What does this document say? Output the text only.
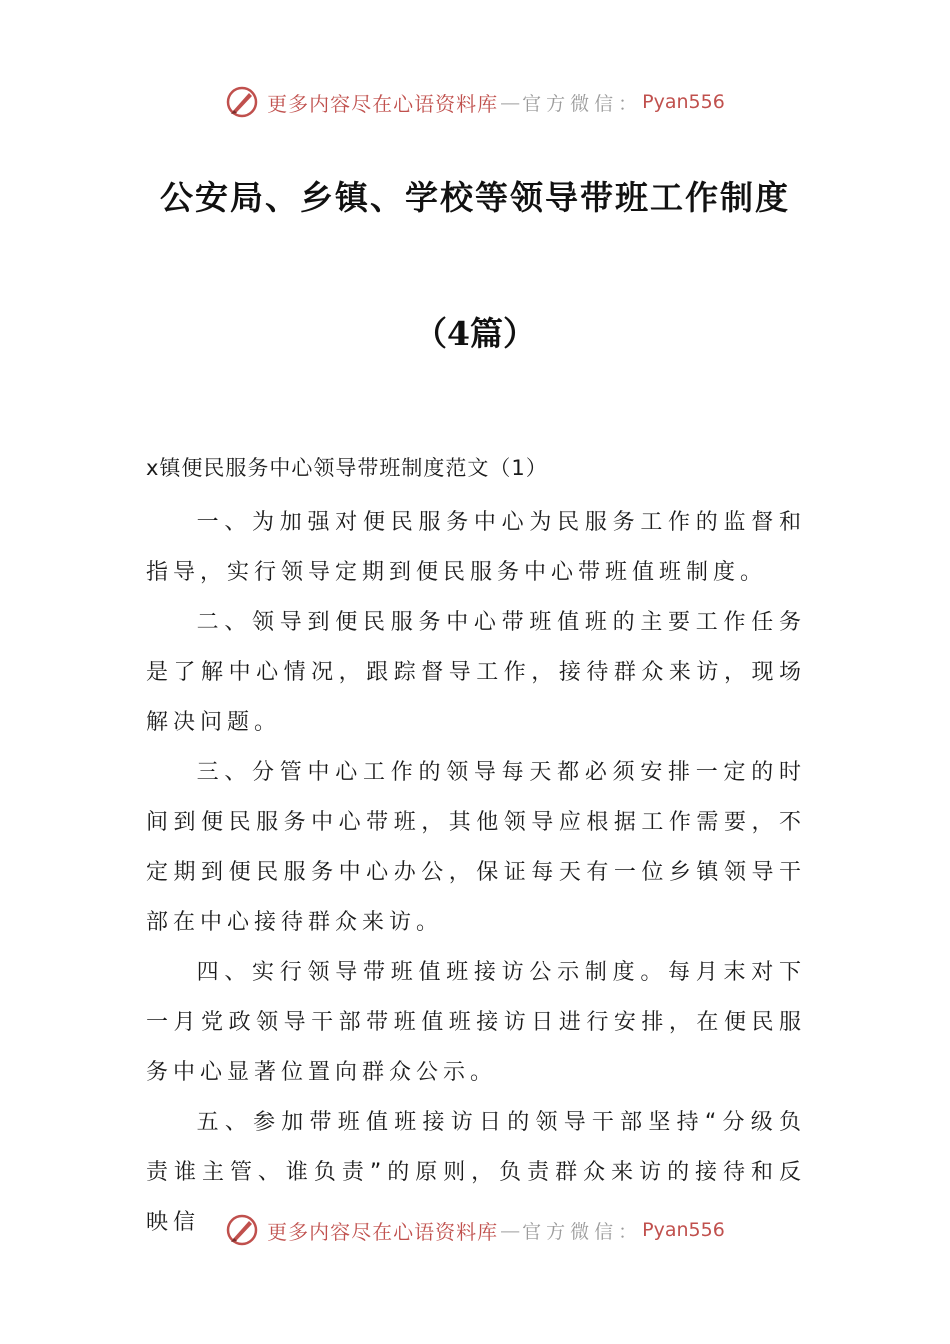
更多内容尽在心语资料库 — 官方微信： Pyan556
公安局、乡镇、学校等领导带班工作制度
（4篇）

x镇便民服务中心领导带班制度范文（1）

一、为加强对便民服务中心为民服务工作的监督和指导，实行领导定期到便民服务中心带班值班制度。

二、领导到便民服务中心带班值班的主要工作任务是了解中心情况，跟踪督导工作，接待群众来访，现场解决问题。

三、分管中心工作的领导每天都必须安排一定的时间到便民服务中心带班，其他领导应根据工作需要，不定期到便民服务中心办公，保证每天有一位乡镇领导干部在中心接待群众来访。

四、实行领导带班值班接访公示制度。每月末对下一月党政领导干部带班值班接访日进行安排，在便民服务中心显著位置向群众公示。

五、参加带班值班接访日的领导干部坚持“分级负责谁主管、谁负责”的原则，负责群众来访的接待和反映信	更多内容尽在心语资料库 — 官方微信： Pyan556
